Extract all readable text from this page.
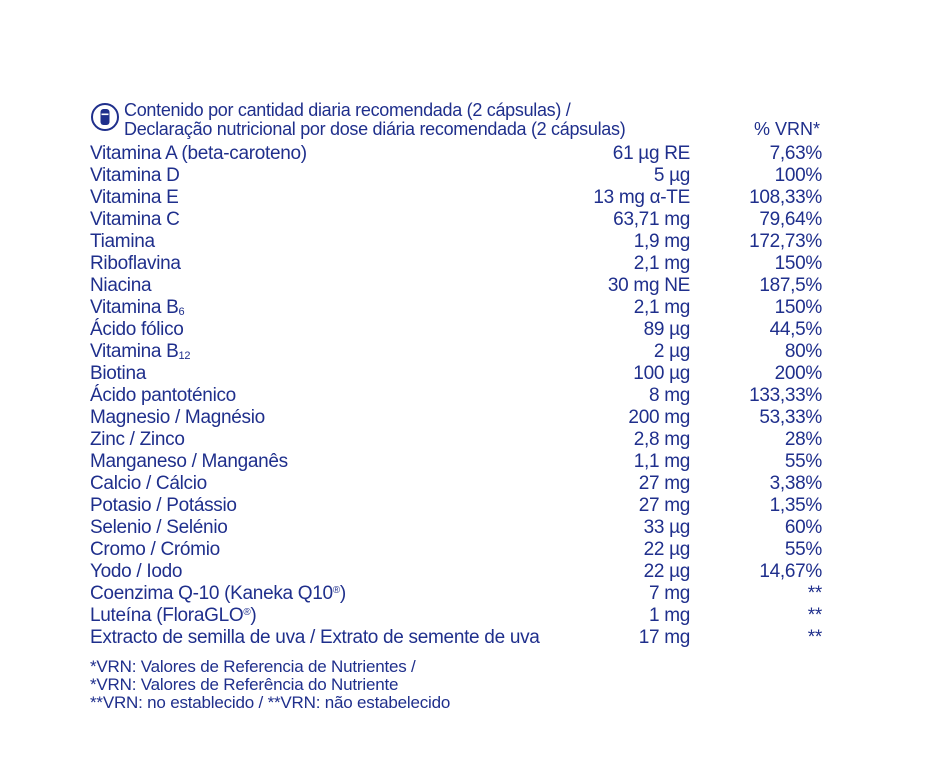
Contenido por cantidad diaria recomendada (2 cápsulas) /
Declaração nutricional por dose diária recomendada (2 cápsulas)	% VRN*
Vitamina A (beta-caroteno)	61 µg RE	7,63%
Vitamina D	5 µg	100%
Vitamina E	13 mg α-TE	108,33%
Vitamina C	63,71 mg	79,64%
Tiamina	1,9 mg	172,73%
Riboflavina	2,1 mg	150%
Niacina	30 mg NE	187,5%
Vitamina $B_6$	2,1 mg	150%
Ácido fólico	89 µg	44,5%
Vitamina $B_{12}$	2 µg	80%
Biotina	100 µg	200%
Ácido pantoténico	8 mg	133,33%
Magnesio / Magnésio	200 mg	53,33%
Zinc / Zinco	2,8 mg	28%
Manganeso / Manganês	1,1 mg	55%
Calcio / Cálcio	27 mg	3,38%
Potasio / Potássio	27 mg	1,35%
Selenio / Selénio	33 µg	60%
Cromo / Crómio	22 µg	55%
Yodo / Iodo	22 µg	14,67%
Coenzima Q-10 (Kaneka Q10®)	7 mg	**
Luteína (FloraGLO®)	1 mg	**
Extracto de semilla de uva / Extrato de semente de uva	17 mg	**
*VRN: Valores de Referencia de Nutrientes /
*VRN: Valores de Referência do Nutriente
**VRN: no establecido / **VRN: não estabelecido
